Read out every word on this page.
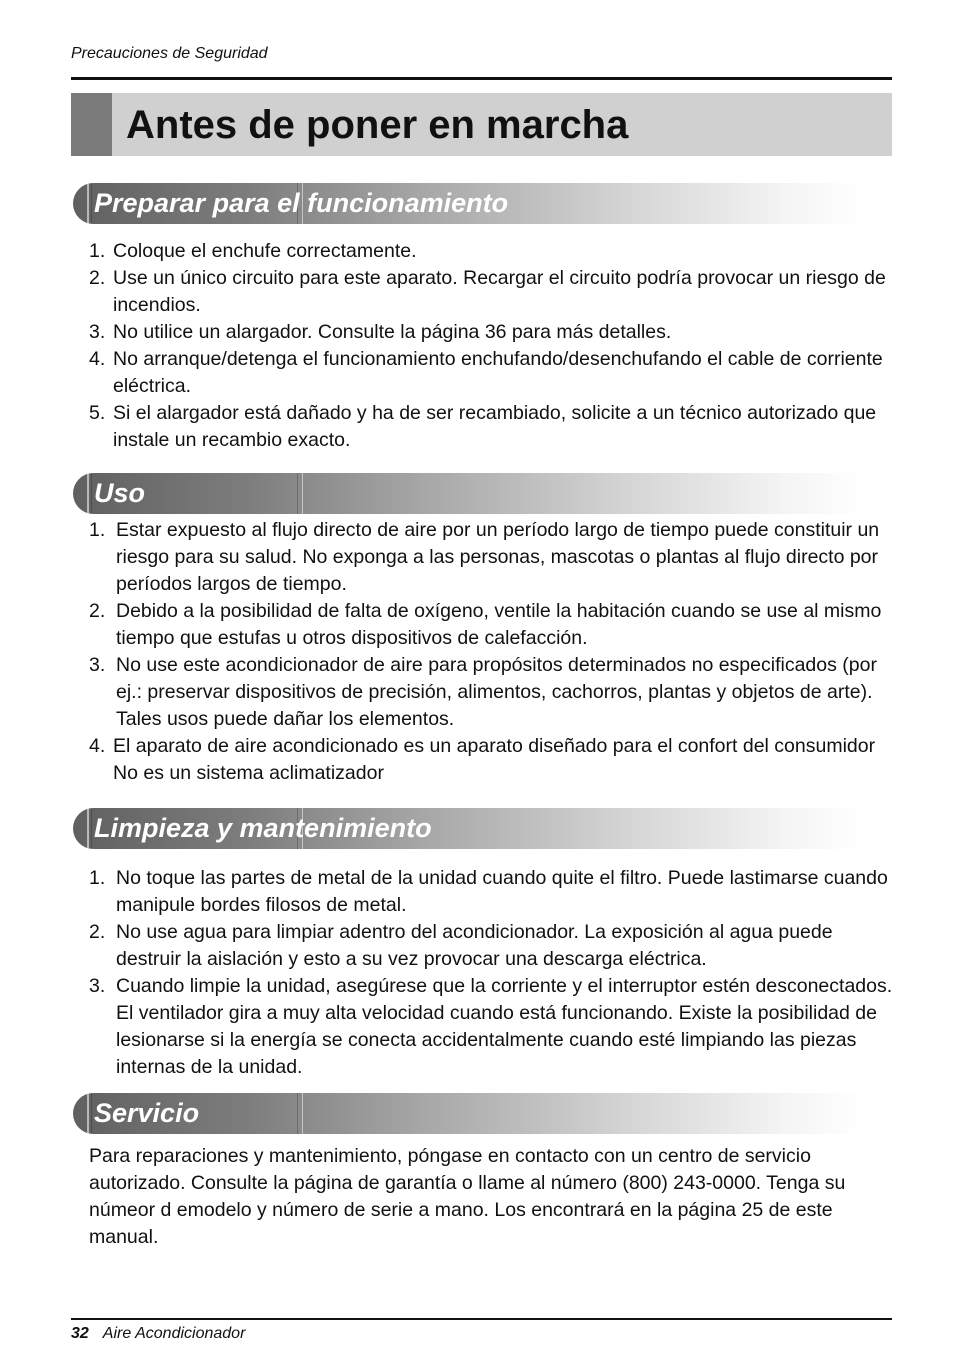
Precauciones de Seguridad
Antes de poner en marcha
Preparar para el funcionamiento
1. Coloque el enchufe correctamente.
2. Use un único circuito para este aparato. Recargar el circuito podría provocar un riesgo de incendios.
3. No utilice un alargador. Consulte la página 36 para más detalles.
4. No arranque/detenga el funcionamiento enchufando/desenchufando el cable de corriente eléctrica.
5. Si el alargador está dañado y ha de ser recambiado, solicite a un técnico autorizado que instale un recambio exacto.
Uso
1. Estar expuesto al flujo directo de aire por un período largo de tiempo puede constituir un riesgo para su salud. No exponga a las personas, mascotas o plantas al flujo directo por períodos largos de tiempo.
2. Debido a la posibilidad de falta de oxígeno, ventile la habitación cuando se use al mismo tiempo que estufas u otros dispositivos de calefacción.
3. No use este acondicionador de aire para propósitos determinados no especificados (por ej.: preservar dispositivos de precisión, alimentos, cachorros, plantas y objetos de arte). Tales usos puede dañar los elementos.
4. El aparato de aire acondicionado es un aparato diseñado para el confort del consumidor No es un sistema aclimatizador
Limpieza y mantenimiento
1. No toque las partes de metal de la unidad cuando quite el filtro. Puede lastimarse cuando manipule bordes filosos de metal.
2. No use agua para limpiar adentro del acondicionador. La exposición al agua puede destruir la aislación y esto a su vez provocar una descarga eléctrica.
3. Cuando limpie la unidad, asegúrese que la corriente y el interruptor estén desconectados. El ventilador gira a muy alta velocidad cuando está funcionando. Existe la posibilidad de lesionarse si la energía se conecta accidentalmente cuando esté limpiando las piezas internas de la unidad.
Servicio

Para reparaciones y mantenimiento, póngase en contacto con un centro de servicio autorizado. Consulte la página de garantía o llame al número (800) 243-0000. Tenga su númeor d emodelo y número de serie a mano. Los encontrará en la página 25 de este manual.

32 Aire Acondicionador
